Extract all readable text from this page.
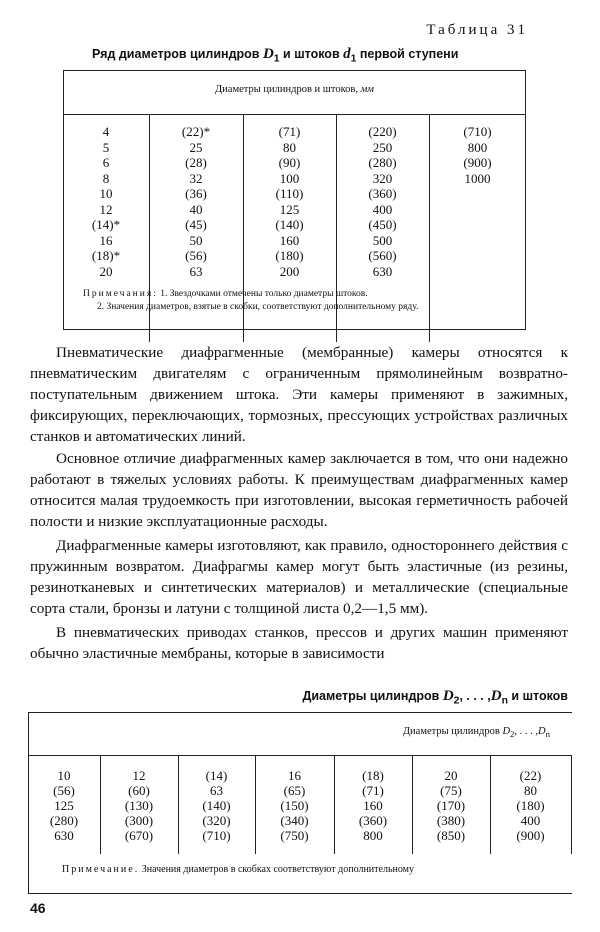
Таблица 31
Ряд диаметров цилиндров $D_1$ и штоков $d_1$ первой ступени
Диаметры цилиндров и штоков, мм
4
5
6
8
10
12
(14)*
16
(18)*
20
(22)*
25
(28)
32
(36)
40
(45)
50
(56)
63
(71)
80
(90)
100
(110)
125
(140)
160
(180)
200
(220)
250
(280)
320
(360)
400
(450)
500
(560)
630
(710)
800
(900)
1000
Примечания: 1. Звездочками отмечены только диаметры штоков.
2. Значения диаметров, взятые в скобки, соответствуют дополнительному ряду.

Пневматические диафрагменные (мембранные) камеры относятся к пневматическим двигателям с ограниченным прямолинейным возвратно-поступательным движением штока. Эти камеры применяют в зажимных, фиксирующих, переключающих, тормозных, прессующих устройствах различных станков и автоматических линий.

Основное отличие диафрагменных камер заключается в том, что они надежно работают в тяжелых условиях работы. К преимуществам диафрагменных камер относится малая трудоемкость при изготовлении, высокая герметичность рабочей полости и низкие эксплуатационные расходы.

Диафрагменные камеры изготовляют, как правило, одностороннего действия с пружинным возвратом. Диафрагмы камер могут быть эластичные (из резины, резинотканевых и синтетических материалов) и металлические (специальные сорта стали, бронзы и латуни с толщиной листа 0,2—1,5 мм).

В пневматических приводах станков, прессов и других машин применяют обычно эластичные мембраны, которые в зависимости

Диаметры цилиндров $D_2$, . . . $,D_n$ и штоков
Диаметры цилиндров $D_2$, . . . $,D_n$
10
(56)
125
(280)
630
12
(60)
(130)
(300)
(670)
(14)
63
(140)
(320)
(710)
16
(65)
(150)
(340)
(750)
(18)
(71)
160
(360)
800
20
(75)
(170)
(380)
(850)
(22)
80
(180)
400
(900)
Примечание. Значения диаметров в скобках соответствуют дополнительному
46
